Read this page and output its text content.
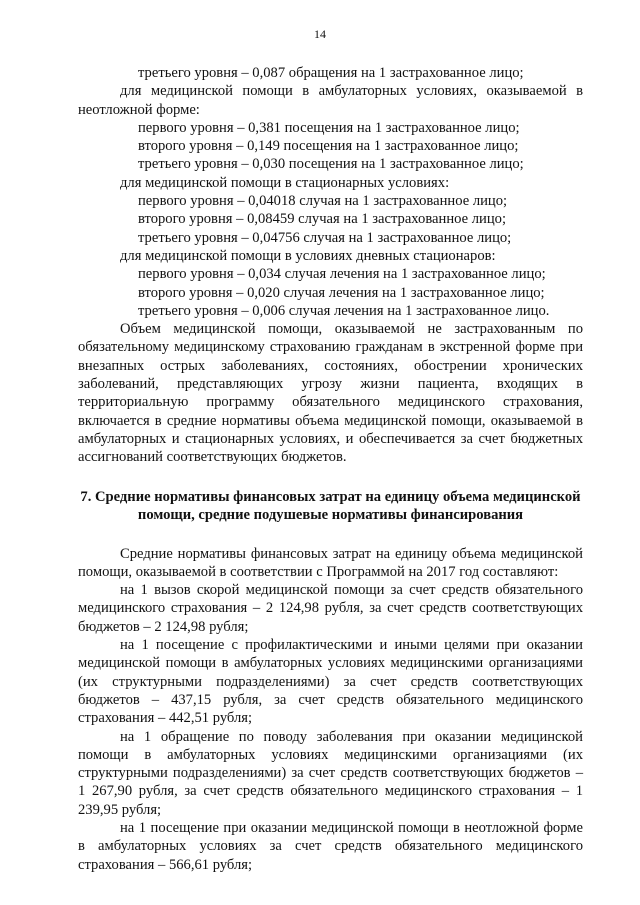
14

третьего уровня – 0,087 обращения на 1 застрахованное лицо;

для медицинской помощи в амбулаторных условиях, оказываемой в неотложной форме:

первого уровня – 0,381 посещения на 1 застрахованное лицо;

второго уровня – 0,149 посещения на 1 застрахованное лицо;

третьего уровня – 0,030 посещения на 1 застрахованное лицо;

для медицинской помощи в стационарных условиях:

первого уровня – 0,04018 случая на 1 застрахованное лицо;

второго уровня – 0,08459 случая на 1 застрахованное лицо;

третьего уровня – 0,04756 случая на 1 застрахованное лицо;

для медицинской помощи в условиях дневных стационаров:

первого уровня – 0,034 случая лечения на 1 застрахованное лицо;

второго уровня – 0,020 случая лечения на 1 застрахованное лицо;

третьего уровня – 0,006 случая лечения на 1 застрахованное лицо.

Объем медицинской помощи, оказываемой не застрахованным по обязательному медицинскому страхованию гражданам в экстренной форме при внезапных острых заболеваниях, состояниях, обострении хронических заболеваний, представляющих угрозу жизни пациента, входящих в территориальную программу обязательного медицинского страхования, включается в средние нормативы объема медицинской помощи, оказываемой в амбулаторных и стационарных условиях, и обеспечивается за счет бюджетных ассигнований соответствующих бюджетов.

7. Средние нормативы финансовых затрат на единицу объема медицинской помощи, средние подушевые нормативы финансирования

Средние нормативы финансовых затрат на единицу объема медицинской помощи, оказываемой в соответствии с Программой на 2017 год составляют:

на 1 вызов скорой медицинской помощи за счет средств обязательного медицинского страхования – 2 124,98 рубля, за счет средств соответствующих бюджетов – 2 124,98 рубля;

на 1 посещение с профилактическими и иными целями при оказании медицинской помощи в амбулаторных условиях медицинскими организациями (их структурными подразделениями) за счет средств соответствующих бюджетов – 437,15 рубля, за счет средств обязательного медицинского страхования – 442,51 рубля;

на 1 обращение по поводу заболевания при оказании медицинской помощи в амбулаторных условиях медицинскими организациями (их структурными подразделениями) за счет средств соответствующих бюджетов – 1 267,90 рубля, за счет средств обязательного медицинского страхования – 1 239,95 рубля;

на 1 посещение при оказании медицинской помощи в неотложной форме в амбулаторных условиях за счет средств обязательного медицинского страхования – 566,61 рубля;
